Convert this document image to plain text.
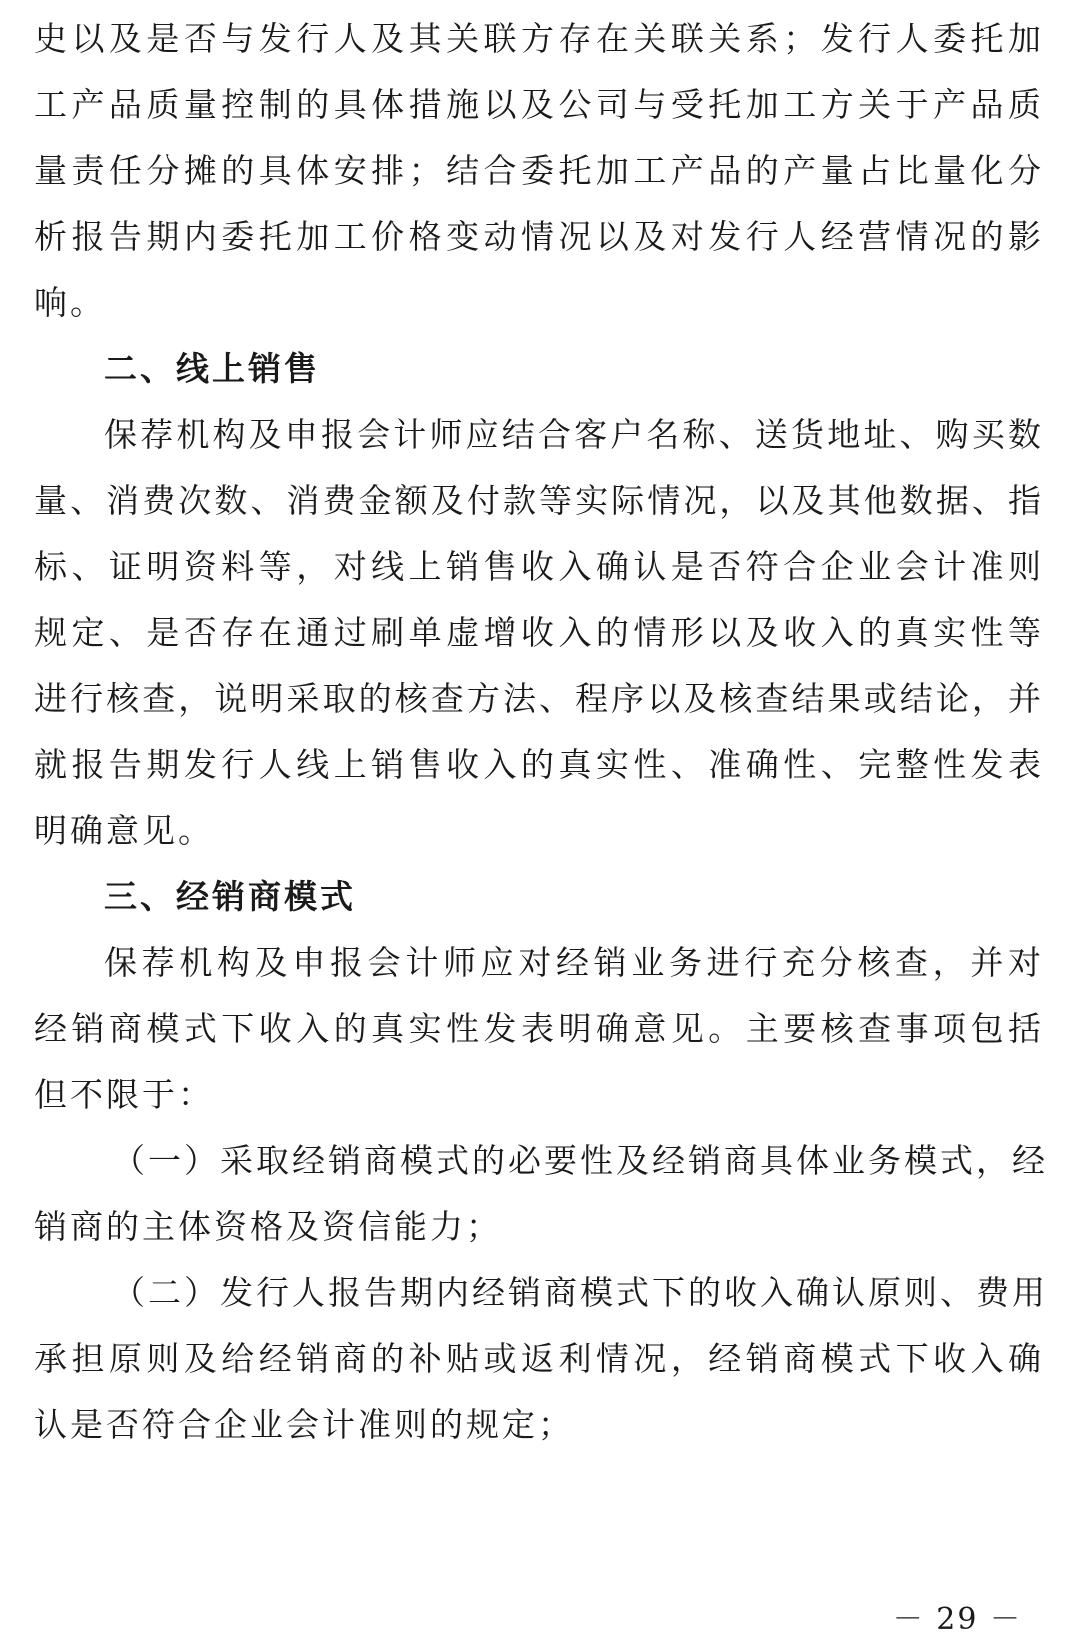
史以及是否与发行人及其关联方存在关联关系；发行人委托加
工产品质量控制的具体措施以及公司与受托加工方关于产品质
量责任分摊的具体安排；结合委托加工产品的产量占比量化分
析报告期内委托加工价格变动情况以及对发行人经营情况的影
响。
二、线上销售
保荐机构及申报会计师应结合客户名称、送货地址、购买数
量、消费次数、消费金额及付款等实际情况，以及其他数据、指
标、证明资料等，对线上销售收入确认是否符合企业会计准则
规定、是否存在通过刷单虚增收入的情形以及收入的真实性等
进行核查，说明采取的核查方法、程序以及核查结果或结论，并
就报告期发行人线上销售收入的真实性、准确性、完整性发表
明确意见。
三、经销商模式
保荐机构及申报会计师应对经销业务进行充分核查，并对
经销商模式下收入的真实性发表明确意见。主要核查事项包括
但不限于：
（一）采取经销商模式的必要性及经销商具体业务模式，经
销商的主体资格及资信能力；
（二）发行人报告期内经销商模式下的收入确认原则、费用
承担原则及给经销商的补贴或返利情况，经销商模式下收入确
认是否符合企业会计准则的规定；
－ 29 －
